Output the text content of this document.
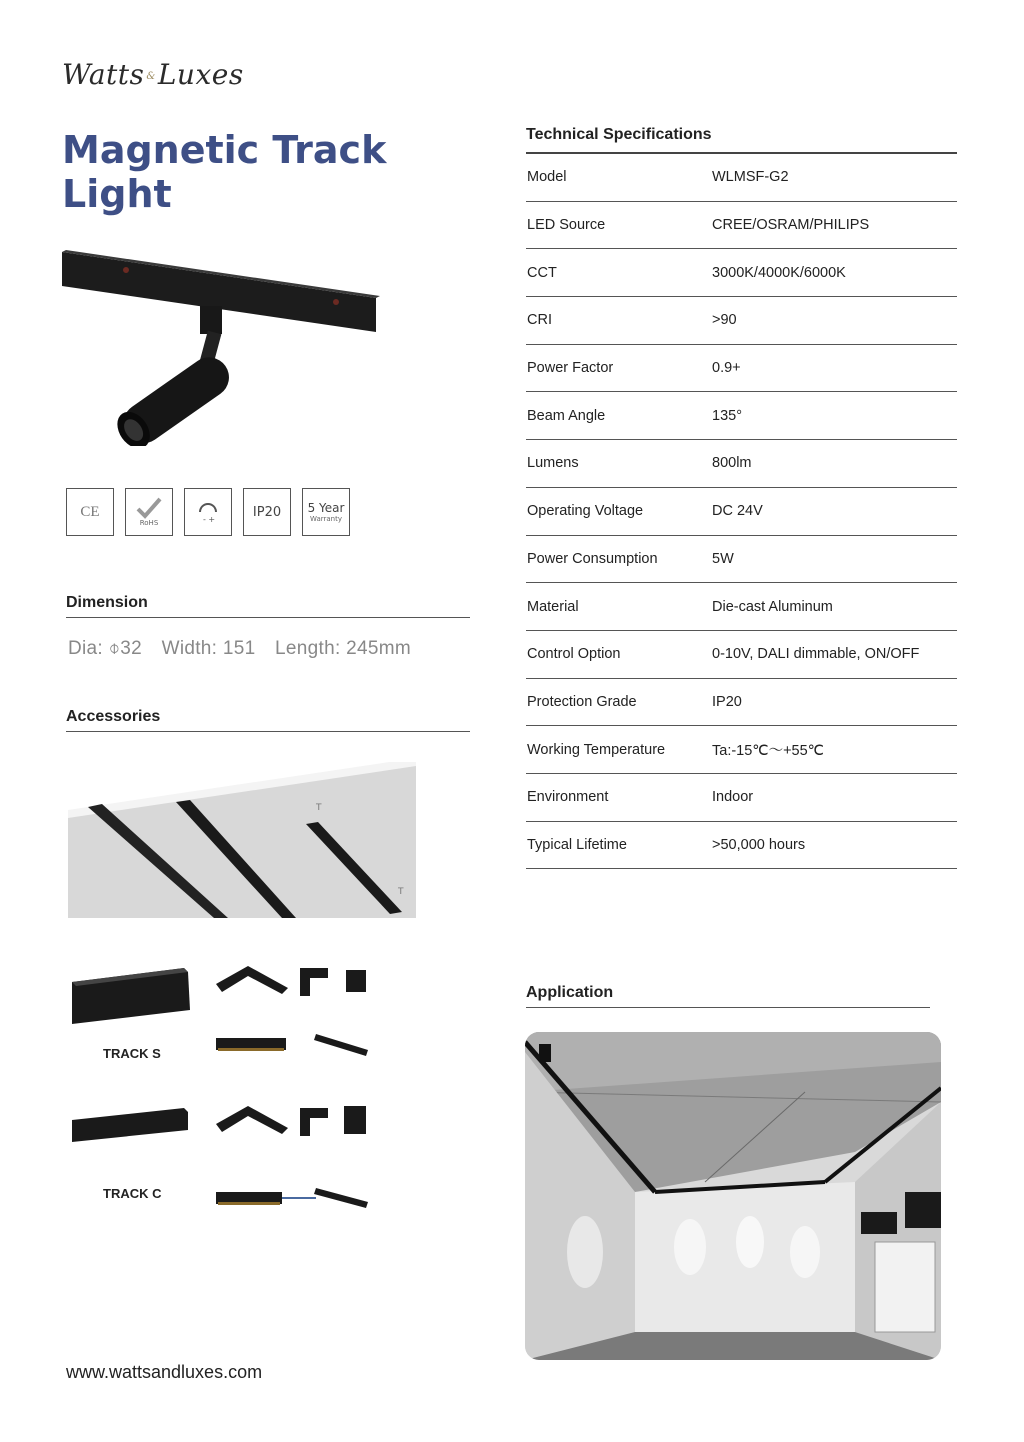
Watts &Luxes
Magnetic Track Light
CE
RoHS	- +	IP20 5 Year
Warranty
Dimension
Dia: ⌽32 Width: 151 Length: 245mm
Accessories
T
T
TRACK S
TRACK C
Technical Specifications
Model	WLMSF-G2
LED Source	CREE/OSRAM/PHILIPS
CCT	3000K/4000K/6000K
CRI	>90
Power Factor	0.9+
Beam Angle	135°
Lumens	800lm
Operating Voltage	DC 24V
Power Consumption	5W
Material	Die-cast Aluminum
Control Option	0-10V, DALI dimmable, ON/OFF
Protection Grade	IP20
Working Temperature	Ta:-15℃～+55℃
Environment	Indoor
Typical Lifetime	>50,000 hours
Application
www.wattsandluxes.com
